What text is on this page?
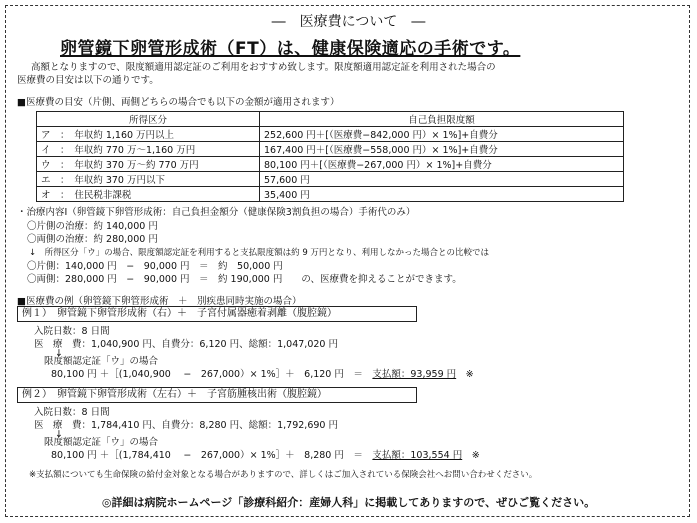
―　医療費について　―
卵管鏡下卵管形成術（FT）は、健康保険適応の手術です。
高額となりますので、限度額適用認定証のご利用をおすすめ致します。限度額適用認定証を利用された場合の
医療費の目安は以下の通りです。
■医療費の目安（片側、両側どちらの場合でも以下の金額が適用されます）
所得区分	自己負担限度額
ア　 ：　 年収約 1,160 万円以上	252,600 円＋[（医療費−842,000 円）× 1%]+自費分
イ　 ：　 年収約 770 万〜1,160 万円	167,400 円＋[（医療費−558,000 円）× 1%]+自費分
ウ　 ：　 年収約 370 万〜約 770 万円	80,100 円＋[（医療費−267,000 円）× 1%]+自費分
エ　 ：　 年収約 370 万円以下	57,600 円
オ　 ：　 住民税非課税	35,400 円
・治療内容Ⅰ（卵管鏡下卵管形成術：自己負担金額分（健康保険3割負担の場合）手術代のみ）
〇片側の治療：約 140,000 円
〇両側の治療：約 280,000 円
↓　所得区分「ウ」の場合、限度額認定証を利用すると支払限度額は約 9 万円となり、利用しなかった場合との比較では
〇片側：140,000 円　−　90,000 円　＝　約　50,000 円
〇両側：280,000 円　−　90,000 円　＝　約 190,000 円　　の、医療費を抑えることができます。
■医療費の例（卵管鏡下卵管形成術　＋　別疾患同時実施の場合）
例１）　卵管鏡下卵管形成術（右）＋　子宮付属器癒着剥離（腹腔鏡）
入院日数：8 日間
医　療　費：1,040,900 円、自費分：6,120 円、総額：1,047,020 円
↓
限度額認定証「ウ」の場合
80,100 円 ＋［(1,040,900 　−　267,000）× 1%］＋　6,120 円　＝　 支払額：93,959 円　 ※
例２）　卵管鏡下卵管形成術（左右）＋　子宮筋腫核出術（腹腔鏡）
入院日数：8 日間
医　療　費：1,784,410 円、自費分：8,280 円、総額：1,792,690 円
↓
限度額認定証「ウ」の場合
80,100 円 ＋［(1,784,410 　−　267,000）× 1%］＋　8,280 円　＝　 支払額：103,554 円　 ※
※支払額についても生命保険の給付金対象となる場合がありますので、詳しくはご加入されている保険会社へお問い合わせください。
◎詳細は病院ホームページ「診療科紹介：産婦人科」に掲載してありますので、ぜひご覧ください。
